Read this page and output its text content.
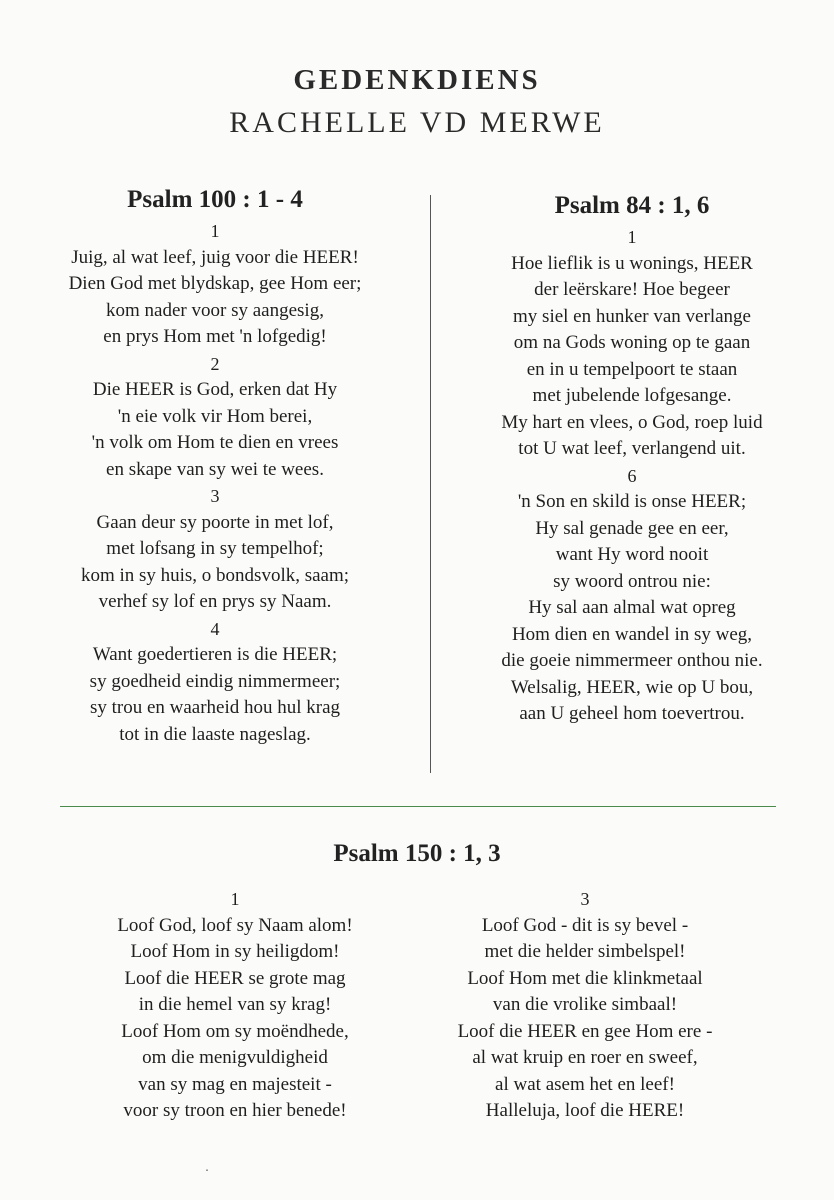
GEDENKDIENS
RACHELLE VD MERWE
Psalm 100 : 1 - 4
1
Juig, al wat leef, juig voor die HEER!
Dien God met blydskap, gee Hom eer;
kom nader voor sy aangesig,
en prys Hom met 'n lofgedig!
2
Die HEER is God, erken dat Hy
'n eie volk vir Hom berei,
'n volk om Hom te dien en vrees
en skape van sy wei te wees.
3
Gaan deur sy poorte in met lof,
met lofsang in sy tempelhof;
kom in sy huis, o bondsvolk, saam;
verhef sy lof en prys sy Naam.
4
Want goedertieren is die HEER;
sy goedheid eindig nimmermeer;
sy trou en waarheid hou hul krag
tot in die laaste nageslag.
Psalm 84 : 1, 6
1
Hoe lieflik is u wonings, HEER
der leërskare! Hoe begeer
my siel en hunker van verlange
om na Gods woning op te gaan
en in u tempelpoort te staan
met jubelende lofgesange.
My hart en vlees, o God, roep luid
tot U wat leef, verlangend uit.
6
'n Son en skild is onse HEER;
Hy sal genade gee en eer,
want Hy word nooit
sy woord ontrou nie:
Hy sal aan almal wat opreg
Hom dien en wandel in sy weg,
die goeie nimmermeer onthou nie.
Welsalig, HEER, wie op U bou,
aan U geheel hom toevertrou.
Psalm 150 : 1, 3
1
Loof God, loof sy Naam alom!
Loof Hom in sy heiligdom!
Loof die HEER se grote mag
in die hemel van sy krag!
Loof Hom om sy moëndhede,
om die menigvuldigheid
van sy mag en majesteit -
voor sy troon en hier benede!
3
Loof God - dit is sy bevel -
met die helder simbelspel!
Loof Hom met die klinkmetaal
van die vrolike simbaal!
Loof die HEER en gee Hom ere -
al wat kruip en roer en sweef,
al wat asem het en leef!
Halleluja, loof die HERE!
․
